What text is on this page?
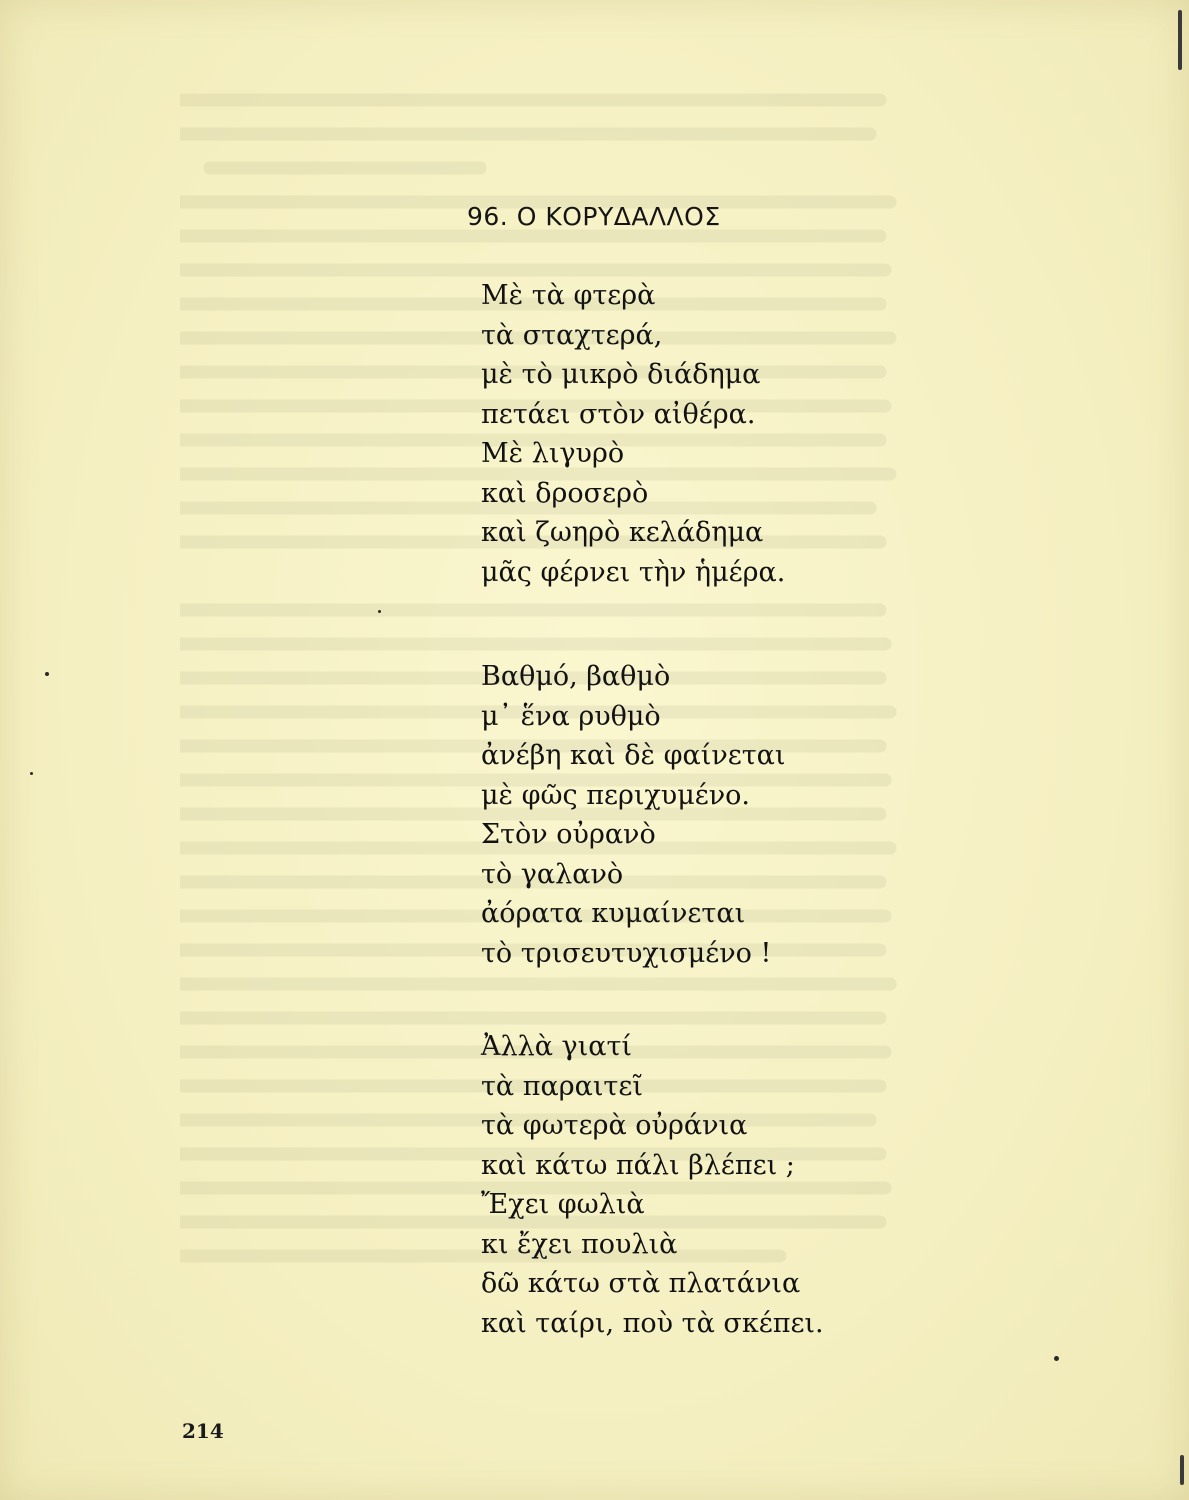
96. Ο ΚΟΡΥΔΑΛΛΟΣ
Μὲ τὰ φτερὰ
τὰ σταχτερά,
μὲ τὸ μικρὸ διάδημα
πετάει στὸν αἰθέρα.
Μὲ λιγυρὸ
καὶ δροσερὸ
καὶ ζωηρὸ κελάδημα
μᾶς φέρνει τὴν ἡμέρα.
Βαθμό, βαθμὸ
μ᾿ ἕνα ρυθμὸ
ἀνέβη καὶ δὲ φαίνεται
μὲ φῶς περιχυμένο.
Στὸν οὐρανὸ
τὸ γαλανὸ
ἀόρατα κυμαίνεται
τὸ τρισευτυχισμένο !
Ἀλλὰ γιατί
τὰ παραιτεῖ
τὰ φωτερὰ οὐράνια
καὶ κάτω πάλι βλέπει ;
Ἔχει φωλιὰ
κι ἔχει πουλιὰ
δῶ κάτω στὰ πλατάνια
καὶ ταίρι, ποὺ τὰ σκέπει.
214
